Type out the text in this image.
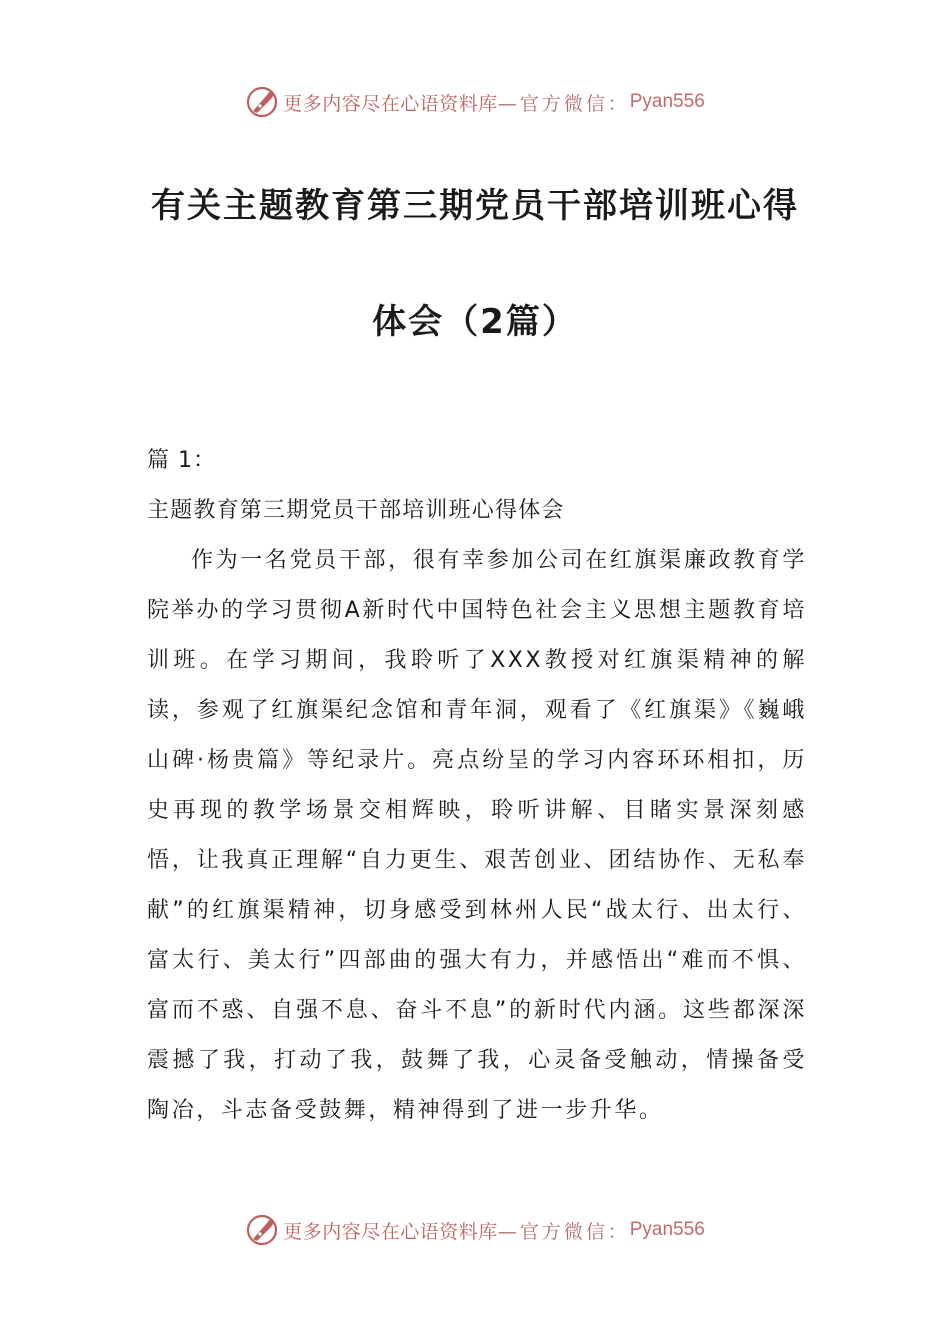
更多内容尽在心语资料库 —官方微信： Pyan556
有关主题教育第三期党员干部培训班心得
体会（2篇）

篇 1：

主题教育第三期党员干部培训班心得体会

作为一名党员干部，很有幸参加公司在红旗渠廉政教育学院举办的学习贯彻A新时代中国特色社会主义思想主题教育培训班。在学习期间，我聆听了XXX教授对红旗渠精神的解读，参观了红旗渠纪念馆和青年洞，观看了《红旗渠》《巍峨山碑·杨贵篇》等纪录片。亮点纷呈的学习内容环环相扣，历史再现的教学场景交相辉映，聆听讲解、目睹实景深刻感悟，让我真正理解“自力更生、艰苦创业、团结协作、无私奉献”的红旗渠精神，切身感受到林州人民“战太行、出太行、富太行、美太行”四部曲的强大有力，并感悟出“难而不惧、富而不惑、自强不息、奋斗不息”的新时代内涵。这些都深深震撼了我，打动了我，鼓舞了我，心灵备受触动，情操备受陶冶，斗志备受鼓舞，精神得到了进一步升华。

更多内容尽在心语资料库 —官方微信： Pyan556
